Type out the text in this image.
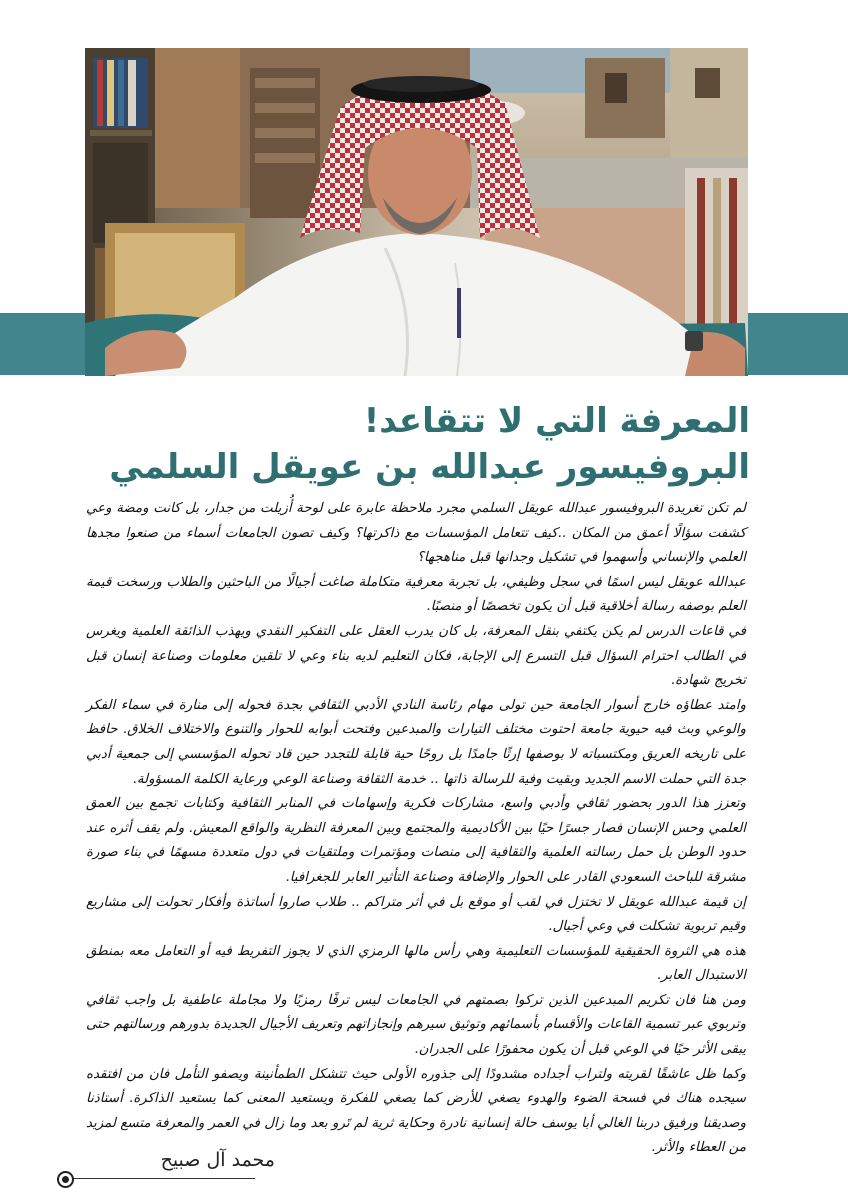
المعرفة التي لا تتقاعد!

البروفيسور عبدالله بن عويقل السلمي

لم تكن تغريدة البروفيسور عبدالله عويقل السلمي مجرد ملاحظة عابرة على لوحة أُزيلت من جدار، بل كانت ومضة وعي كشفت سؤالًا أعمق من المكان ..كيف تتعامل المؤسسات مع ذاكرتها؟ وكيف تصون الجامعات أسماء من صنعوا مجدها العلمي والإنساني وأسهموا في تشكيل وجدانها قبل مناهجها؟

عبدالله عويقل ليس اسمًا في سجل وظيفي، بل تجربة معرفية متكاملة صاغت أجيالًا من الباحثين والطلاب ورسخت قيمة العلم بوصفه رسالة أخلاقية قبل أن يكون تخصصًا أو منصبًا.

في قاعات الدرس لم يكن يكتفي بنقل المعرفة، بل كان يدرب العقل على التفكير النقدي ويهذب الذائقة العلمية ويغرس في الطالب احترام السؤال قبل التسرع إلى الإجابة، فكان التعليم لديه بناء وعي لا تلقين معلومات وصناعة إنسان قبل تخريج شهادة.

وامتد عطاؤه خارج أسوار الجامعة حين تولى مهام رئاسة النادي الأدبي الثقافي بجدة فحوله إلى منارة في سماء الفكر والوعي وبث فيه حيوية جامعة احتوت مختلف التيارات والمبدعين وفتحت أبوابه للحوار والتنوع والاختلاف الخلاق. حافظ على تاريخه العريق ومكتسباته لا بوصفها إرثًا جامدًا بل روحًا حية قابلة للتجدد حين قاد تحوله المؤسسي إلى جمعية أدبي جدة التي حملت الاسم الجديد وبقيت وفية للرسالة ذاتها .. خدمة الثقافة وصناعة الوعي ورعاية الكلمة المسؤولة.

وتعزز هذا الدور بحضور ثقافي وأدبي واسع، مشاركات فكرية وإسهامات في المنابر الثقافية وكتابات تجمع بين العمق العلمي وحس الإنسان فصار جسرًا حيًا بين الأكاديمية والمجتمع وبين المعرفة النظرية والواقع المعيش. ولم يقف أثره عند حدود الوطن بل حمل رسالته العلمية والثقافية إلى منصات ومؤتمرات وملتقيات في دول متعددة مسهمًا في بناء صورة مشرقة للباحث السعودي القادر على الحوار والإضافة وصناعة التأثير العابر للجغرافيا.

إن قيمة عبدالله عويقل لا تختزل في لقب أو موقع بل في أثر متراكم .. طلاب صاروا أساتذة وأفكار تحولت إلى مشاريع وقيم تربوية تشكلت في وعي أجيال.

هذه هي الثروة الحقيقية للمؤسسات التعليمية وهي رأس مالها الرمزي الذي لا يجوز التفريط فيه أو التعامل معه بمنطق الاستبدال العابر.

ومن هنا فان تكريم المبدعين الذين تركوا بصمتهم في الجامعات ليس ترفًا رمزيًا ولا مجاملة عاطفية بل واجب ثقافي وتربوي عبر تسمية القاعات والأقسام بأسمائهم وتوثيق سيرهم وإنجازاتهم وتعريف الأجيال الجديدة بدورهم ورسالتهم حتى يبقى الأثر حيًا في الوعي قبل أن يكون محفورًا على الجدران.

وكما ظل عاشقًا لقريته ولتراب أجداده مشدودًا إلى جذوره الأولى حيث تتشكل الطمأنينة ويصفو التأمل فان من افتقده سيجده هناك في فسحة الضوء والهدوء يصغي للأرض كما يصغي للفكرة ويستعيد المعنى كما يستعيد الذاكرة. أستاذنا وصديقنا ورفيق دربنا الغالي أبا يوسف حالة إنسانية نادرة وحكاية ثرية لم تَرو بعد وما زال في العمر والمعرفة متسع لمزيد من العطاء والأثر.

محمد آل صبيح
